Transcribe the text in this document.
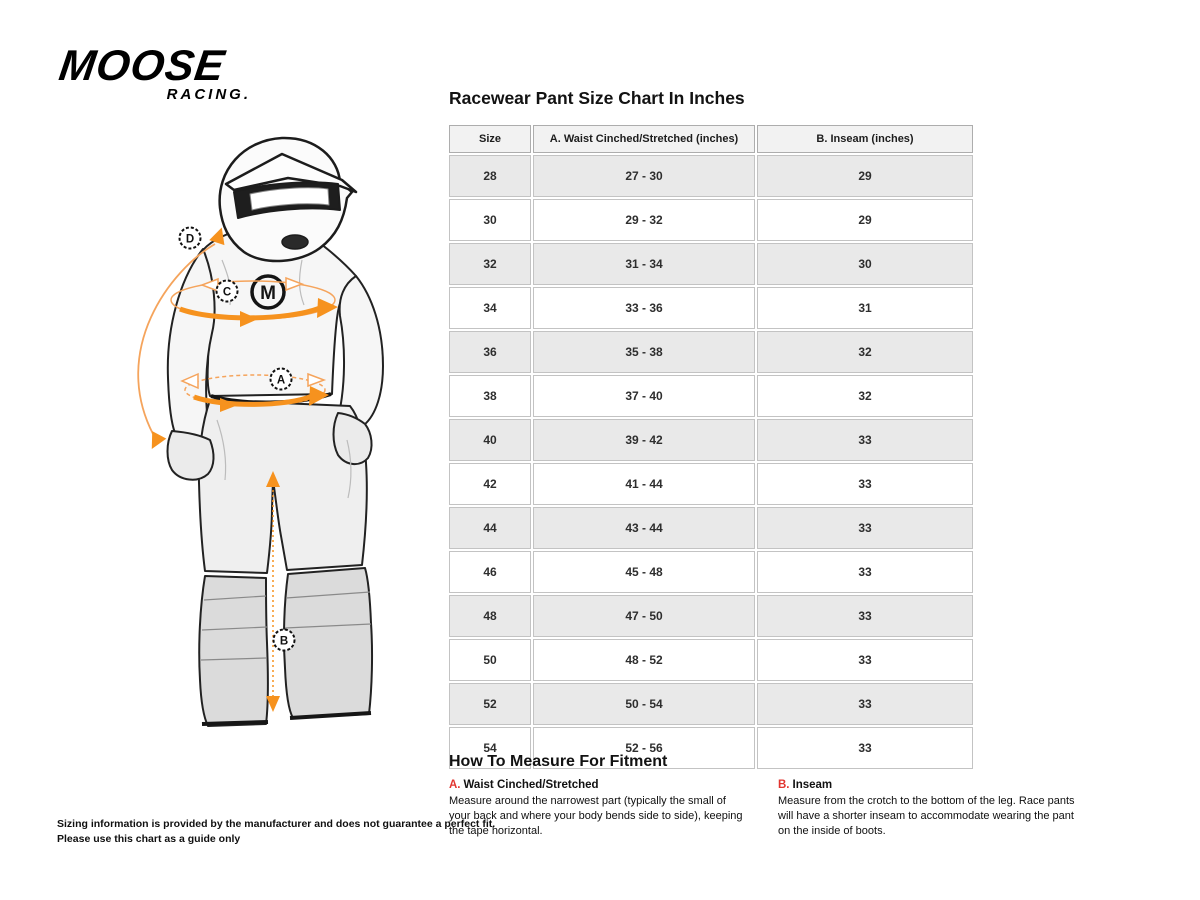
MOOSE
RACING.
M
D
C
A
B
Racewear Pant Size Chart In Inches
Size	A. Waist Cinched/Stretched (inches)	B. Inseam (inches)
28	27 - 30	29
30	29 - 32	29
32	31 - 34	30
34	33 - 36	31
36	35 - 38	32
38	37 - 40	32
40	39 - 42	33
42	41 - 44	33
44	43 - 44	33
46	45 - 48	33
48	47 - 50	33
50	48 - 52	33
52	50 - 54	33
54	52 - 56	33
How To Measure For Fitment
A. Waist Cinched/Stretched
Measure around the narrowest part (typically the small of your back and where your body bends side to side), keeping the tape horizontal.
B. Inseam
Measure from the crotch to the bottom of the leg. Race pants will have a shorter inseam to accommodate wearing the pant on the inside of boots.
Sizing information is provided by the manufacturer and does not guarantee a perfect fit.
Please use this chart as a guide only
